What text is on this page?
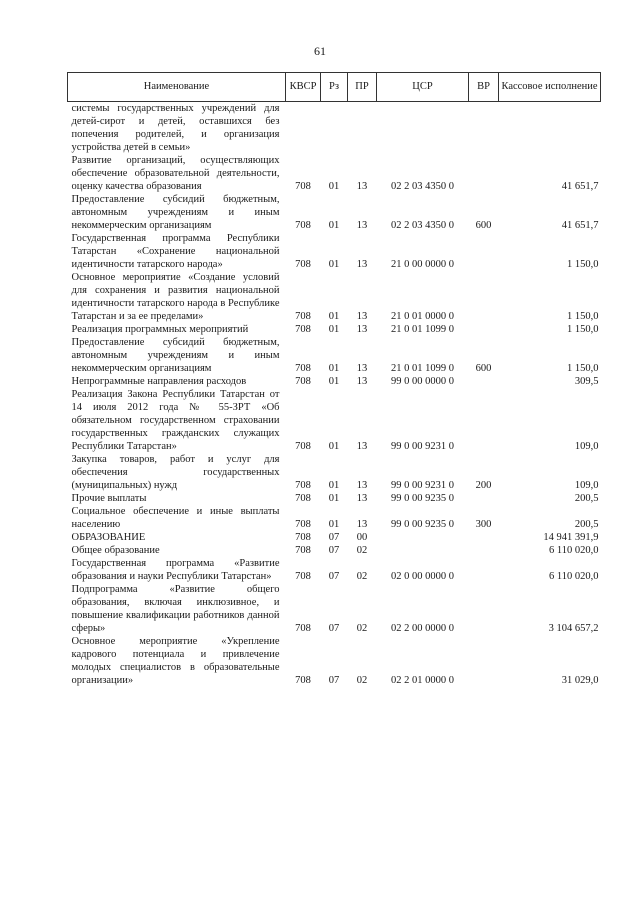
61
Наименование	КВСР	Рз	ПР	ЦСР	ВР	Кассовое исполнение
системы государственных учреждений для детей-сирот и детей, оставшихся без попечения родителей, и организация устройства детей в семьи»						
Развитие организаций, осуществляющих обеспечение образовательной деятельности, оценку качества образования	708	01	13	02 2 03 4350 0		41 651,7
Предоставление субсидий бюджетным, автономным учреждениям и иным некоммерческим организациям	708	01	13	02 2 03 4350 0	600	41 651,7
Государственная программа Республики Татарстан «Сохранение национальной идентичности татарского народа»	708	01	13	21 0 00 0000 0		1 150,0
Основное мероприятие «Создание условий для сохранения и развития национальной идентичности татарского народа в Республике Татарстан и за ее пределами»	708	01	13	21 0 01 0000 0		1 150,0
Реализация программных мероприятий	708	01	13	21 0 01 1099 0		1 150,0
Предоставление субсидий бюджетным, автономным учреждениям и иным некоммерческим организациям	708	01	13	21 0 01 1099 0	600	1 150,0
Непрограммные направления расходов	708	01	13	99 0 00 0000 0		309,5
Реализация Закона Республики Татарстан от 14 июля 2012 года № 55-ЗРТ «Об обязательном государственном страховании государственных гражданских служащих Республики Татарстан»	708	01	13	99 0 00 9231 0		109,0
Закупка товаров, работ и услуг для обеспечения государственных (муниципальных) нужд	708	01	13	99 0 00 9231 0	200	109,0
Прочие выплаты	708	01	13	99 0 00 9235 0		200,5
Социальное обеспечение и иные выплаты населению	708	01	13	99 0 00 9235 0	300	200,5
ОБРАЗОВАНИЕ	708	07	00			14 941 391,9
Общее образование	708	07	02			6 110 020,0
Государственная программа «Развитие образования и науки Республики Татарстан»	708	07	02	02 0 00 0000 0		6 110 020,0
Подпрограмма «Развитие общего образования, включая инклюзивное, и повышение квалификации работников данной сферы»	708	07	02	02 2 00 0000 0		3 104 657,2
Основное мероприятие «Укрепление кадрового потенциала и привлечение молодых специалистов в образовательные организации»	708	07	02	02 2 01 0000 0		31 029,0
